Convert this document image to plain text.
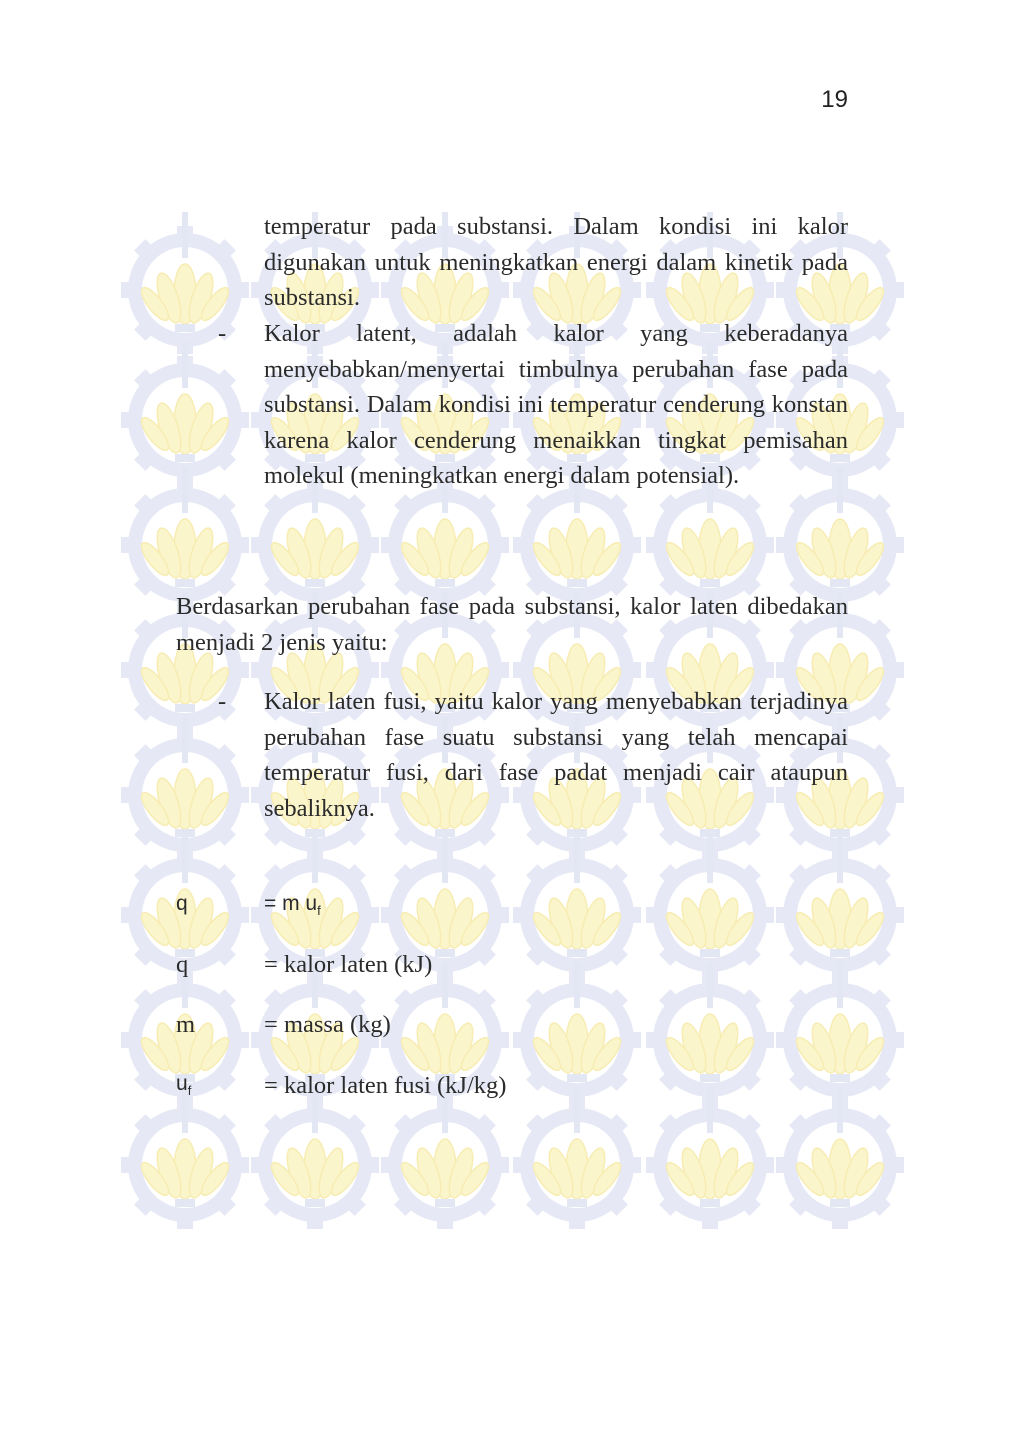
19

temperatur pada substansi. Dalam kondisi ini kalor digunakan untuk meningkatkan energi dalam kinetik pada substansi.

- Kalor latent, adalah kalor yang keberadanya menyebabkan/menyertai timbulnya perubahan fase pada substansi. Dalam kondisi ini temperatur cenderung konstan karena kalor cenderung menaikkan tingkat pemisahan molekul (meningkatkan energi dalam potensial).

Berdasarkan perubahan fase pada substansi, kalor laten dibedakan menjadi 2 jenis yaitu:

- Kalor laten fusi, yaitu kalor yang menyebabkan terjadinya perubahan fase suatu substansi yang telah mencapai temperatur fusi, dari fase padat menjadi cair ataupun sebaliknya.

q	= m $u_f$
q	= kalor laten (kJ)
m	= massa (kg)
$u_f$	= kalor laten fusi (kJ/kg)
